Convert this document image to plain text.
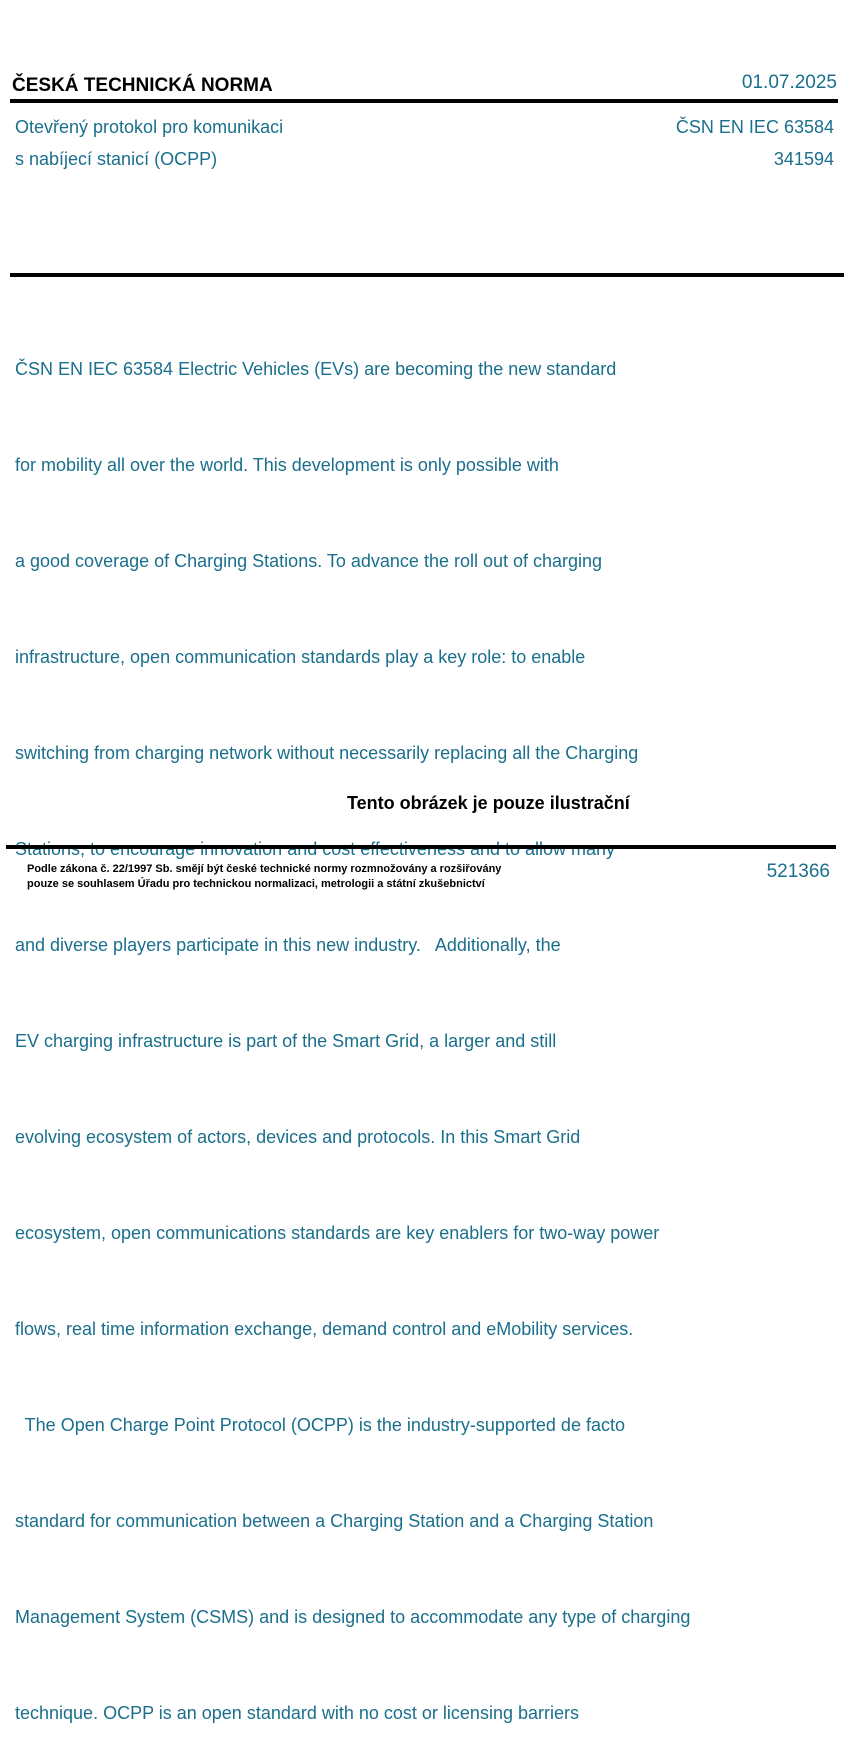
ČESKÁ TECHNICKÁ NORMA	01.07.2025
Otevřený protokol pro komunikaci
s nabíjecí stanicí (OCPP)
ČSN EN IEC 63584
341594

ČSN EN IEC 63584 Electric Vehicles (EVs) are becoming the new standard

for mobility all over the world. This development is only possible with

a good coverage of Charging Stations. To advance the roll out of charging

infrastructure, open communication standards play a key role: to enable

switching from charging network without necessarily replacing all the Charging

Stations, to encourage innovation and cost effectiveness and to allow many

and diverse players participate in this new industry.   Additionally, the

EV charging infrastructure is part of the Smart Grid, a larger and still

evolving ecosystem of actors, devices and protocols. In this Smart Grid

ecosystem, open communications standards are key enablers for two-way power

flows, real time information exchange, demand control and eMobility services.

The Open Charge Point Protocol (OCPP) is the industry-supported de facto

standard for communication between a Charging Station and a Charging Station

Management System (CSMS) and is designed to accommodate any type of charging

technique. OCPP is an open standard with no cost or licensing barriers

Tento obrázek je pouze ilustrační
Podle zákona č. 22/1997 Sb. smějí být české technické normy rozmnožovány a rozšiřovány
pouze se souhlasem Úřadu pro technickou normalizaci, metrologii a státní zkušebnictví
521366
